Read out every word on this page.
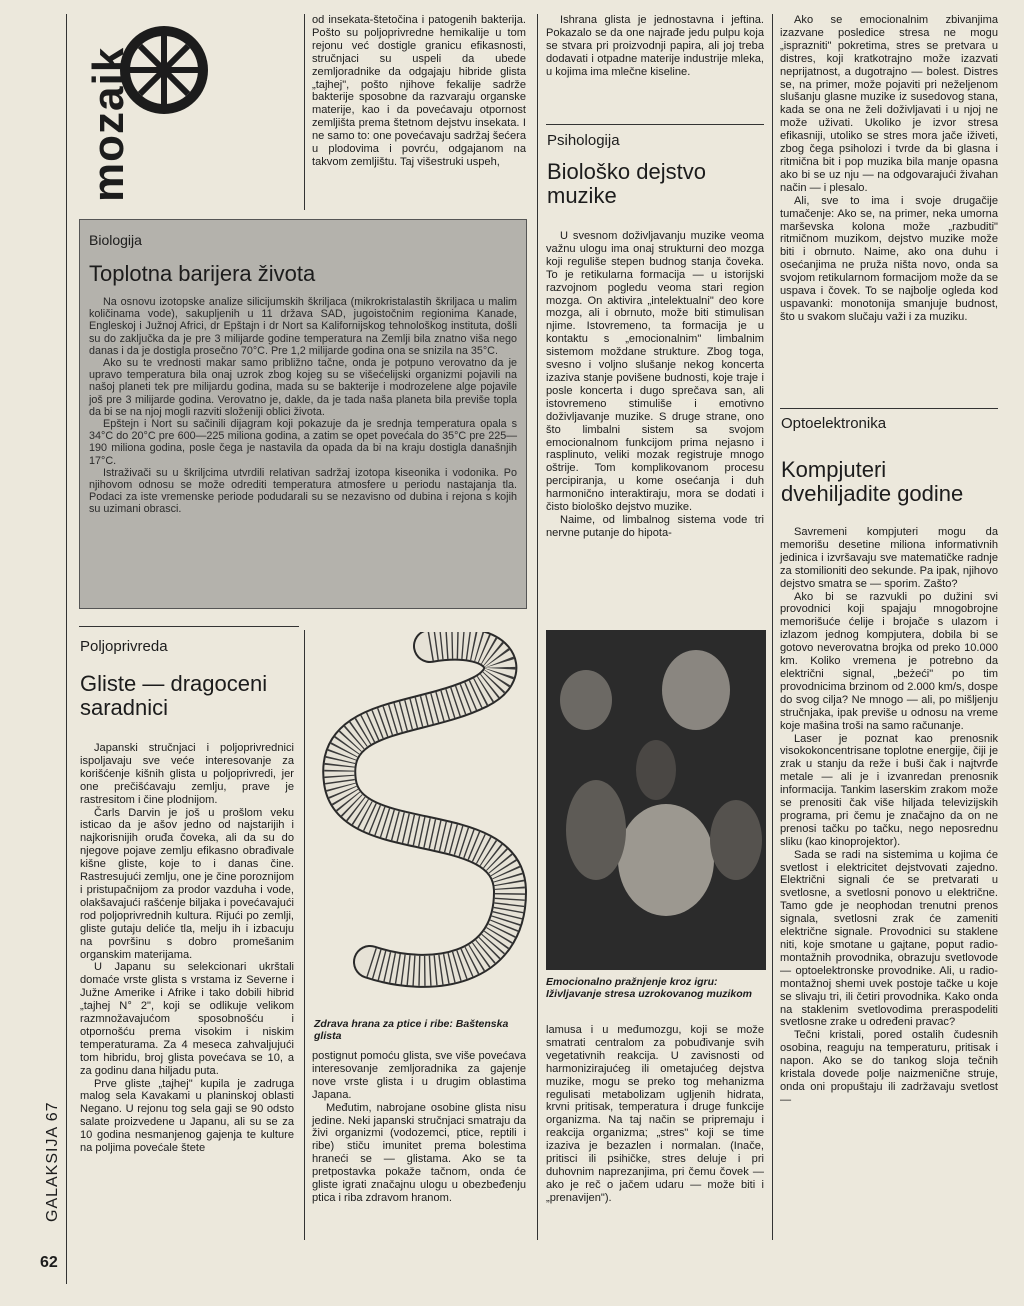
mozaik
GALAKSIJA 67
62

od insekata-štetočina i patogenih bakterija. Pošto su poljoprivredne hemikalije u tom rejonu već dostigle granicu efikasnosti, stručnjaci su uspeli da ubede zemljoradnike da odgajaju hibride glista „tajhej", pošto njihove fekalije sadrže bakterije sposobne da razvaraju organske materije, kao i da povećavaju otpornost zemljišta prema štetnom dejstvu insekata. I ne samo to: one povećavaju sadržaj šećera u plodovima i povrću, odgajanom na takvom zemljištu. Taj višestruki uspeh,

Biologija
Toplotna barijera života

Na osnovu izotopske analize silicijumskih škriljaca (mikrokristalastih škriljaca u malim količinama vode), sakupljenih u 11 država SAD, jugoistočnim regionima Kanade, Engleskoj i Južnoj Africi, dr Epštajn i dr Nort sa Kalifornijskog tehnološkog instituta, došli su do zaključka da je pre 3 milijarde godine temperatura na Zemlji bila znatno viša nego danas i da je dostigla prosečno 70°C. Pre 1,2 milijarde godina ona se snizila na 35°C.

Ako su te vrednosti makar samo približno tačne, onda je potpuno verovatno da je upravo temperatura bila onaj uzrok zbog kojeg su se višećelijski organizmi pojavili na našoj planeti tek pre milijardu godina, mada su se bakterije i modrozelene alge pojavile još pre 3 milijarde godina. Verovatno je, dakle, da je tada naša planeta bila previše topla da bi se na njoj mogli razviti složeniji oblici života.

Epštejn i Nort su sačinili dijagram koji pokazuje da je srednja temperatura opala s 34°C do 20°C pre 600—225 miliona godina, a zatim se opet povećala do 35°C pre 225—190 miliona godina, posle čega je nastavila da opada da bi na kraju dostigla današnjih 17°C.

Istraživači su u škriljcima utvrdili relativan sadržaj izotopa kiseonika i vodonika. Po njihovom odnosu se može odrediti temperatura atmosfere u periodu nastajanja tla. Podaci za iste vremenske periode podudarali su se nezavisno od dubina i rejona s kojih su uzimani obrasci.

Poljoprivreda
Gliste — dragoceni
saradnici

Japanski stručnjaci i poljoprivrednici ispoljavaju sve veće interesovanje za korišćenje kišnih glista u poljoprivredi, jer one prečišćavaju zemlju, prave je rastresitom i čine plodnijom.

Čarls Darvin je još u prošlom veku isticao da je ašov jedno od najstarijih i najkorisnijih oruđa čoveka, ali da su do njegove pojave zemlju efikasno obrađivale kišne gliste, koje to i danas čine. Rastresujući zemlju, one je čine poroznijom i pristupačnijom za prodor vazduha i vode, olakšavajući rašćenje biljaka i povećavajući rod poljoprivrednih kultura. Rijući po zemlji, gliste gutaju deliće tla, melju ih i izbacuju na površinu s dobro promešanim organskim materijama.

U Japanu su selekcionari ukrštali domaće vrste glista s vrstama iz Severne i Južne Amerike i Afrike i tako dobili hibrid „tajhej N° 2", koji se odlikuje velikom razmnožavajućom sposobnošću i otpornošću prema visokim i niskim temperaturama. Za 4 meseca zahvaljujući tom hibridu, broj glista povećava se 10, a za godinu dana hiljadu puta.

Prve gliste „tajhej" kupila je zadruga malog sela Kavakami u planinskoj oblasti Negano. U rejonu tog sela gaji se 90 odsto salate proizvedene u Japanu, ali su se za 10 godina nesmanjenog gajenja te kulture na poljima povećale štete

Zdrava hrana za ptice i ribe: Baštenska glista

postignut pomoću glista, sve više povećava interesovanje zemljoradnika za gajenje nove vrste glista i u drugim oblastima Japana.

Međutim, nabrojane osobine glista nisu jedine. Neki japanski stručnjaci smatraju da živi organizmi (vodozemci, ptice, reptili i ribe) stiču imunitet prema bolestima hraneći se — glistama. Ako se ta pretpostavka pokaže tačnom, onda će gliste igrati značajnu ulogu u obezbeđenju ptica i riba zdravom hranom.

Ishrana glista je jednostavna i jeftina. Pokazalo se da one najrađe jedu pulpu koja se stvara pri proizvodnji papira, ali joj treba dodavati i otpadne materije industrije mleka, u kojima ima mlečne kiseline.

Psihologija
Biološko dejstvo
muzike

U svesnom doživljavanju muzike veoma važnu ulogu ima onaj strukturni deo mozga koji reguliše stepen budnog stanja čoveka. To je retikularna formacija — u istorijski razvojnom pogledu veoma stari region mozga. On aktivira „intelektualni" deo kore mozga, ali i obrnuto, može biti stimulisan njime. Istovremeno, ta formacija je u kontaktu s „emocionalnim" limbalnim sistemom moždane strukture. Zbog toga, svesno i voljno slušanje nekog koncerta izaziva stanje povišene budnosti, koje traje i posle koncerta i dugo sprečava san, ali istovremeno stimuliše i emotivno doživljavanje muzike. S druge strane, ono što limbalni sistem sa svojom emocionalnom funkcijom prima nejasno i rasplinuto, veliki mozak registruje mnogo oštrije. Tom komplikovanom procesu percipiranja, u kome osećanja i duh harmonično interaktiraju, mora se dodati i čisto biološko dejstvo muzike.

Naime, od limbalnog sistema vode tri nervne putanje do hipota-

Emocionalno pražnjenje kroz igru: Iživljavanje stresa uzrokovanog muzikom

lamusa i u međumozgu, koji se može smatrati centralom za pobuđivanje svih vegetativnih reakcija. U zavisnosti od harmonizirajućeg ili ometajućeg dejstva muzike, mogu se preko tog mehanizma regulisati metabolizam ugljenih hidrata, krvni pritisak, temperatura i druge funkcije organizma. Na taj način se pripremaju i reakcija organizma; „stres" koji se time izaziva je bezazlen i normalan. (Inače, pritisci ili psihičke, stres deluje i pri duhovnim naprezanjima, pri čemu čovek — ako je reč o jačem udaru — može biti i „prenavijen").

Ako se emocionalnim zbivanjima izazvane posledice stresa ne mogu „isprazniti" pokretima, stres se pretvara u distres, koji kratkotrajno može izazvati neprijatnost, a dugotrajno — bolest. Distres se, na primer, može pojaviti pri neželjenom slušanju glasne muzike iz susedovog stana, kada se ona ne želi doživljavati i u njoj ne može uživati. Ukoliko je izvor stresa efikasniji, utoliko se stres mora jače iživeti, zbog čega psiholozi i tvrde da bi glasna i ritmična bit i pop muzika bila manje opasna ako bi se uz nju — na odgovarajući živahan način — i plesalo.

Ali, sve to ima i svoje drugačije tumačenje: Ako se, na primer, neka umorna marševska kolona može „razbuditi" ritmičnom muzikom, dejstvo muzike može biti i obrnuto. Naime, ako ona duhu i osećanjima ne pruža ništa novo, onda sa svojom retikularnom formacijom može da se uspava i čovek. To se najbolje ogleda kod uspavanki: monotonija smanjuje budnost, što u svakom slučaju važi i za muziku.

Optoelektronika
Kompjuteri
dvehiljadite godine

Savremeni kompjuteri mogu da memorišu desetine miliona informativnih jedinica i izvršavaju sve matematičke radnje za stomilioniti deo sekunde. Pa ipak, njihovo dejstvo smatra se — sporim. Zašto?

Ako bi se razvukli po dužini svi provodnici koji spajaju mnogobrojne memorišuće ćelije i brojače s ulazom i izlazom jednog kompjutera, dobila bi se gotovo neverovatna brojka od preko 10.000 km. Koliko vremena je potrebno da električni signal, „beżeći" po tim provodnicima brzinom od 2.000 km/s, dospe do svog cilja? Ne mnogo — ali, po mišljenju stručnjaka, ipak previše u odnosu na vreme koje mašina troši na samo računanje.

Laser je poznat kao prenosnik visokokoncentrisane toplotne energije, čiji je zrak u stanju da reže i buši čak i najtvrđe metale — ali je i izvanredan prenosnik informacija. Tankim laserskim zrakom može se prenositi čak više hiljada televizijskih programa, pri čemu je značajno da on ne prenosi tačku po tačku, nego neposrednu sliku (kao kinoprojektor).

Sada se radi na sistemima u kojima će svetlost i elektricitet dejstvovati zajedno. Električni signali će se pretvarati u svetlosne, a svetlosni ponovo u električne. Tamo gde je neophodan trenutni prenos signala, svetlosni zrak će zameniti električne signale. Provodnici su staklene niti, koje smotane u gajtane, poput radio-montažnih provodnika, obrazuju svetlovode — optoelektronske provodnike. Ali, u radio-montažnoj shemi uvek postoje tačke u koje se slivaju tri, ili četiri provodnika. Kako onda na staklenim svetlovodima preraspodeliti svetlosne zrake u određeni pravac?

Tečni kristali, pored ostalih čudesnih osobina, reaguju na temperaturu, pritisak i napon. Ako se do tankog sloja tečnih kristala dovede polje naizmenične struje, onda oni propuštaju ili zadržavaju svetlost —
